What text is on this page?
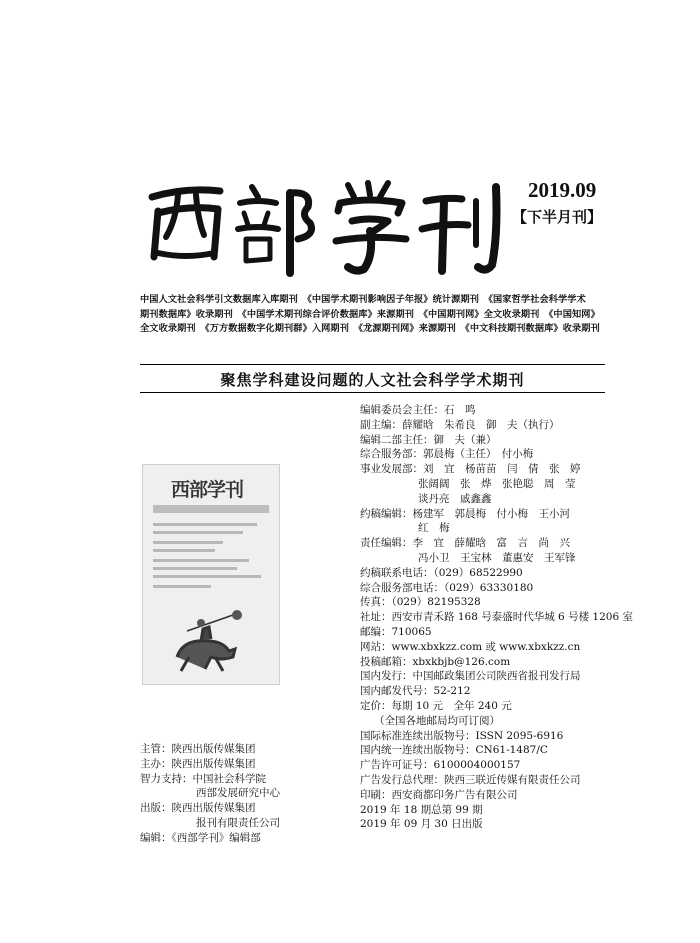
2019.09
【下半月刊】
中国人文社会科学引文数据库入库期刊　《中国学术期刊影响因子年报》统计源期刊　《国家哲学社会科学学术
期刊数据库》收录期刊　《中国学术期刊综合评价数据库》来源期刊　《中国期刊网》全文收录期刊　《中国知网》
全文收录期刊　《万方数据数字化期刊群》入网期刊　《龙源期刊网》来源期刊　《中文科技期刊数据库》收录期刊
聚焦学科建设问题的人文社会科学学术期刊
西部学刊
主管：陕西出版传媒集团
主办：陕西出版传媒集团
智力支持：中国社会科学院
西部发展研究中心
出版：陕西出版传媒集团
报刊有限责任公司
编辑：《西部学刊》编辑部
编辑委员会主任：石　鸣
副主编：薛耀晗　朱希良　御　夫（执行）
编辑二部主任：御　夫（兼）
综合服务部：郭晨梅（主任）　付小梅
事业发展部：刘　宜　杨苗苗　闫　倩　张　婷
张阔阔　张　烨　张艳聪　周　莹
谈丹亮　戚鑫鑫
约稿编辑：杨建军　郭晨梅　付小梅　王小河
红　梅
责任编辑：李　宜　薛耀晗　富　言　尚　兴
冯小卫　王宝林　董惠安　王军锋
约稿联系电话：（029）68522990
综合服务部电话：（029）63330180
传真：（029）82195328
社址：西安市青禾路 168 号泰盛时代华城 6 号楼 1206 室
邮编：710065
网站：www.xbxkzz.com 或 www.xbxkzz.cn
投稿邮箱：xbxkbjb@126.com
国内发行：中国邮政集团公司陕西省报刊发行局
国内邮发代号：52-212
定价：每期 10 元　全年 240 元
（全国各地邮局均可订阅）
国际标准连续出版物号：ISSN 2095-6916
国内统一连续出版物号：CN61-1487/C
广告许可证号：6100004000157
广告发行总代理：陕西三联近传媒有限责任公司
印刷：西安商都印务广告有限公司
2019 年 18 期总第 99 期
2019 年 09 月 30 日出版
